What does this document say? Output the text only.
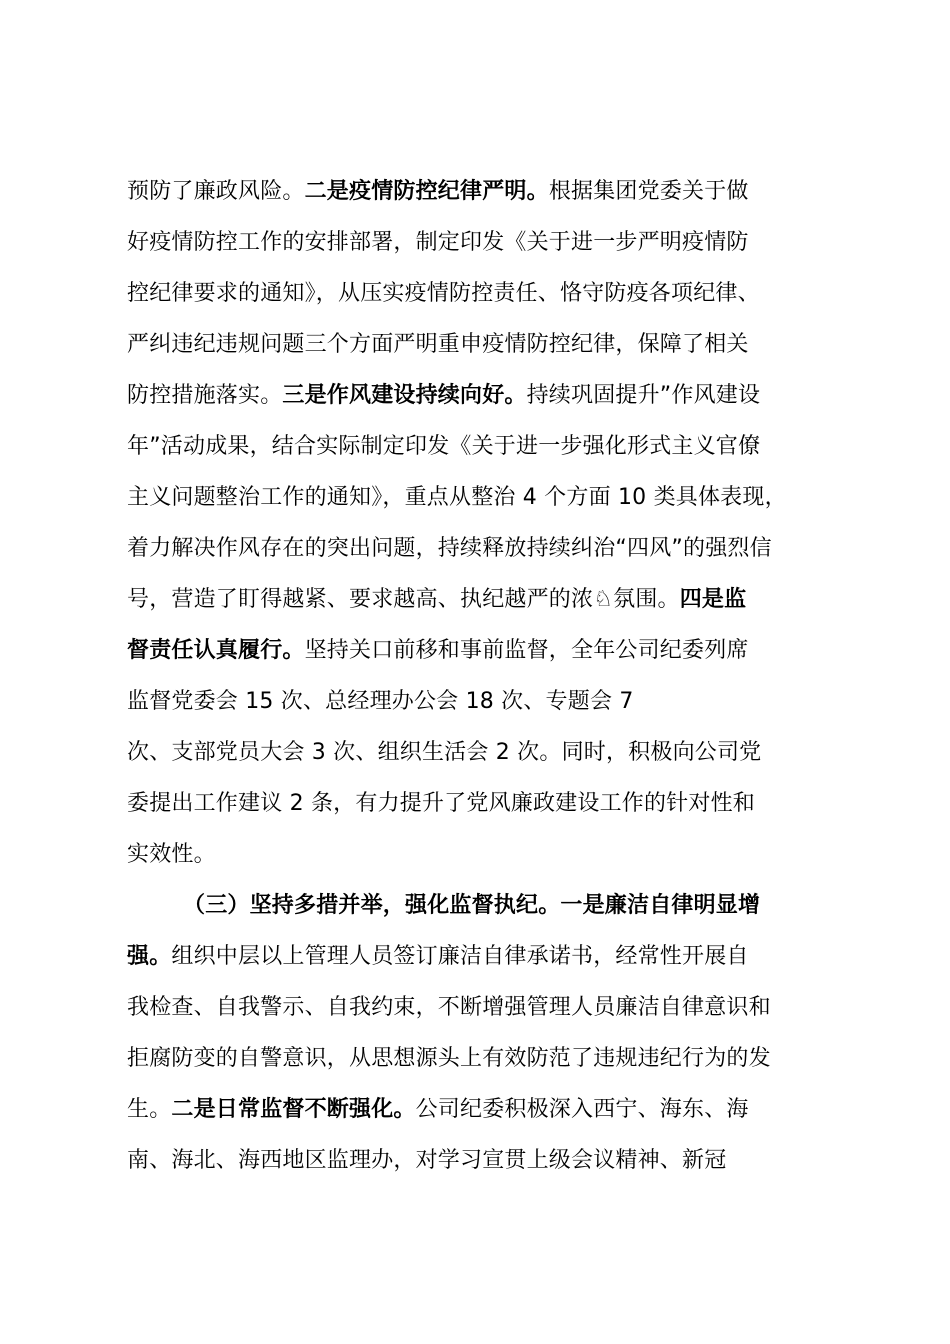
预防了廉政风险。二是疫情防控纪律严明。根据集团党委关于做
好疫情防控工作的安排部署，制定印发《关于进一步严明疫情防
控纪律要求的通知》，从压实疫情防控责任、恪守防疫各项纪律、
严纠违纪违规问题三个方面严明重申疫情防控纪律，保障了相关
防控措施落实。三是作风建设持续向好。持续巩固提升”作风建设
年”活动成果，结合实际制定印发《关于进一步强化形式主义官僚
主义问题整治工作的通知》，重点从整治 4 个方面 10 类具体表现，
着力解决作风存在的突出问题，持续释放持续纠治“四风”的强烈信
号，营造了盯得越紧、要求越高、执纪越严的浓♘氛围。四是监
督责任认真履行。坚持关口前移和事前监督，全年公司纪委列席
监督党委会 15 次、总经理办公会 18 次、专题会 7
次、支部党员大会 3 次、组织生活会 2 次。同时，积极向公司党
委提出工作建议 2 条，有力提升了党风廉政建设工作的针对性和
实效性。
（三）坚持多措并举，强化监督执纪。一是廉洁自律明显增
强。组织中层以上管理人员签订廉洁自律承诺书，经常性开展自
我检查、自我警示、自我约束，不断增强管理人员廉洁自律意识和
拒腐防变的自警意识，从思想源头上有效防范了违规违纪行为的发
生。二是日常监督不断强化。公司纪委积极深入西宁、海东、海
南、海北、海西地区监理办，对学习宣贯上级会议精神、新冠
